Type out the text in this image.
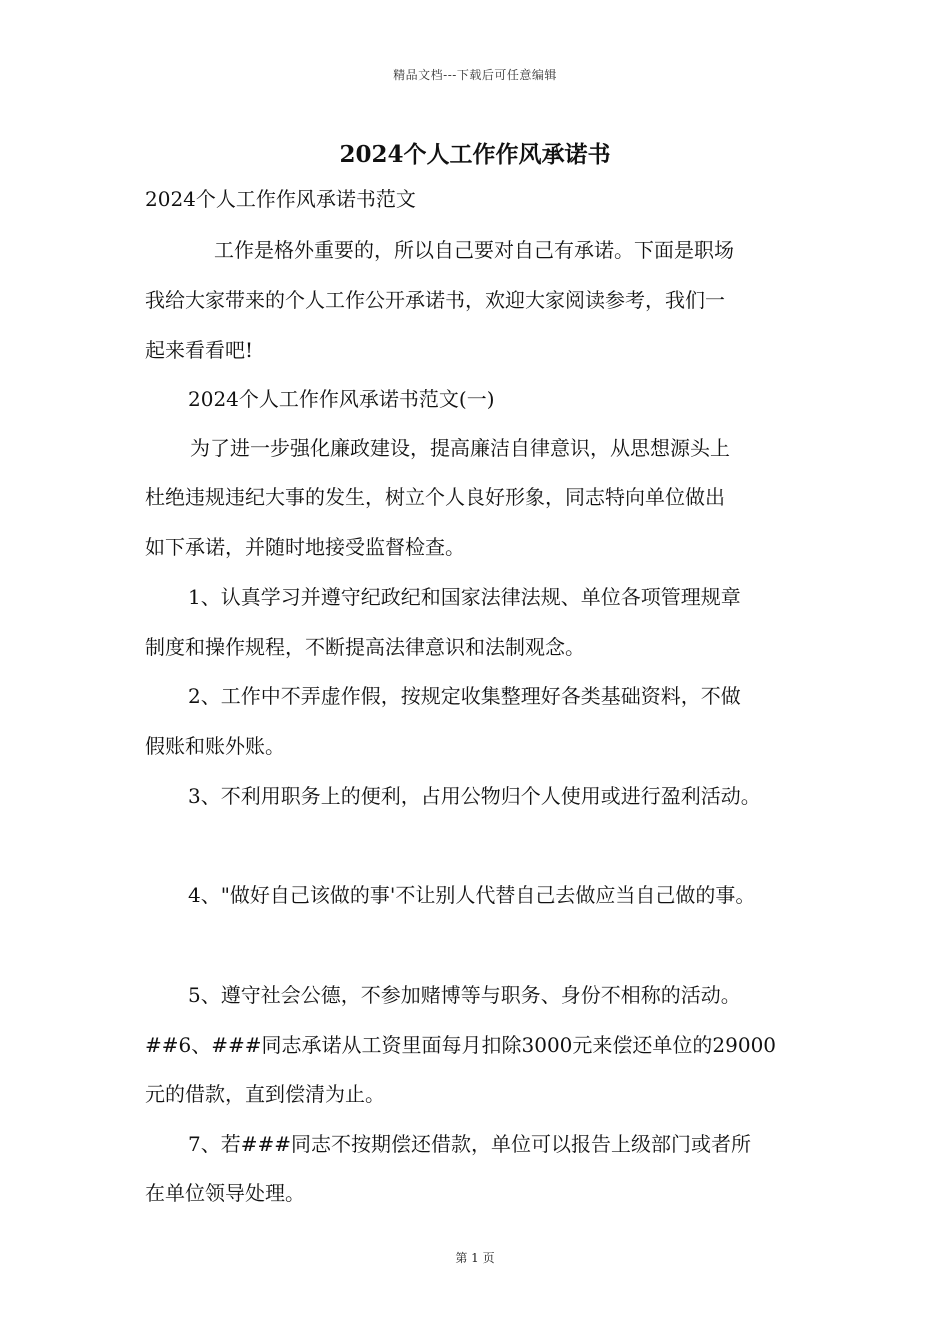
精品文档---下载后可任意编辑
2024个人工作作风承诺书
2024个人工作作风承诺书范文
工作是格外重要的，所以自己要对自己有承诺。下面是职场
我给大家带来的个人工作公开承诺书，欢迎大家阅读参考，我们一
起来看看吧!
2024个人工作作风承诺书范文(一)
为了进一步强化廉政建设，提高廉洁自律意识，从思想源头上
杜绝违规违纪大事的发生，树立个人良好形象，同志特向单位做出
如下承诺，并随时地接受监督检查。
1、认真学习并遵守纪政纪和国家法律法规、单位各项管理规章
制度和操作规程，不断提高法律意识和法制观念。
2、工作中不弄虚作假，按规定收集整理好各类基础资料，不做
假账和账外账。
3、不利用职务上的便利，占用公物归个人使用或进行盈利活动。
4、"做好自己该做的事'不让别人代替自己去做应当自己做的事。
5、遵守社会公德，不参加赌博等与职务、身份不相称的活动。
##6、###同志承诺从工资里面每月扣除3000元来偿还单位的29000
元的借款，直到偿清为止。
7、若###同志不按期偿还借款，单位可以报告上级部门或者所
在单位领导处理。
第 1 页
